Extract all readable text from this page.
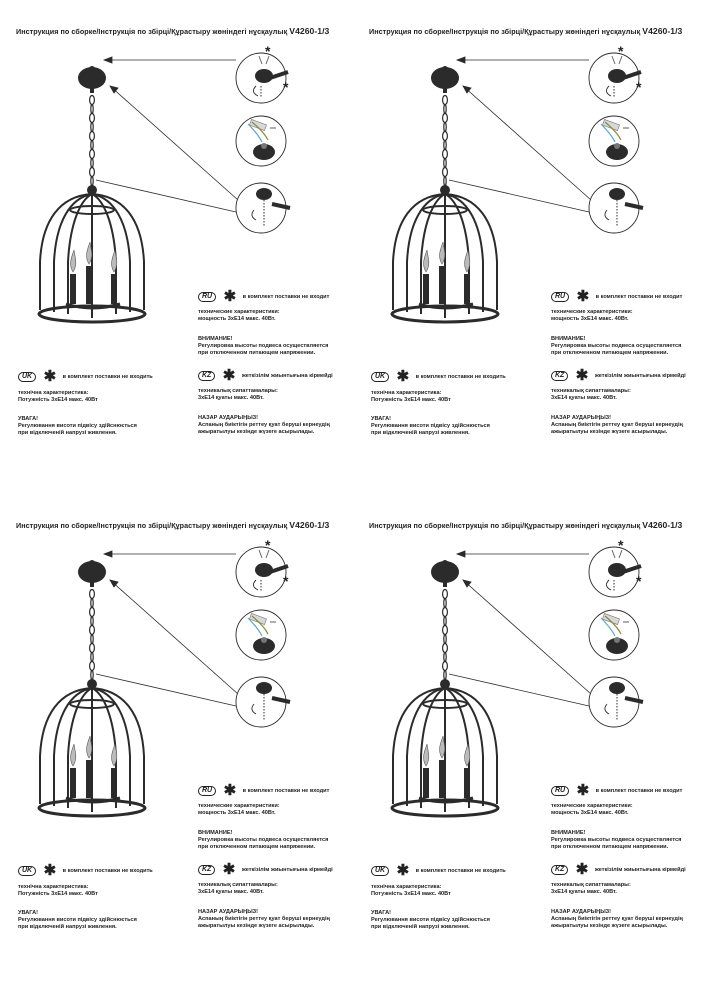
Инструкция по сборке/Інструкція по збірці/Құрастыру жөніндегі нұсқаулық V4260-1/3
*
*
RU ✱ в комплект поставки не входит
технические характеристики:
мощность 3хЕ14 макс. 40Вт.
ВНИМАНИЕ!
Регулировка высоты подвеса осуществляется
при отключенном питающем напряжении.
KZ ✱ жеткізілім жиынтығына кірмейді
техникалық сипаттамалары:
3хЕ14 қуаты макс. 40Вт.
НАЗАР АУДАРЫҢЫЗ!
Аспаның биіктігін реттеу қуат беруші кернеудің
ажыратылуы кезінде жүзеге асырылады.
UK ✱ в комплект поставки не входить
технічна характеристика:
Потужність 3хЕ14 макс. 40Вт
УВАГА!
Регулювання висоти підвісу здійснюється
при відключеній напрузі живлення.
Инструкция по сборке/Інструкція по збірці/Құрастыру жөніндегі нұсқаулық V4260-1/3
*
*
RU ✱ в комплект поставки не входит
технические характеристики:
мощность 3хЕ14 макс. 40Вт.
ВНИМАНИЕ!
Регулировка высоты подвеса осуществляется
при отключенном питающем напряжении.
KZ ✱ жеткізілім жиынтығына кірмейді
техникалық сипаттамалары:
3хЕ14 қуаты макс. 40Вт.
НАЗАР АУДАРЫҢЫЗ!
Аспаның биіктігін реттеу қуат беруші кернеудің
ажыратылуы кезінде жүзеге асырылады.
UK ✱ в комплект поставки не входить
технічна характеристика:
Потужність 3хЕ14 макс. 40Вт
УВАГА!
Регулювання висоти підвісу здійснюється
при відключеній напрузі живлення.
Инструкция по сборке/Інструкція по збірці/Құрастыру жөніндегі нұсқаулық V4260-1/3
*
*
RU ✱ в комплект поставки не входит
технические характеристики:
мощность 3хЕ14 макс. 40Вт.
ВНИМАНИЕ!
Регулировка высоты подвеса осуществляется
при отключенном питающем напряжении.
KZ ✱ жеткізілім жиынтығына кірмейді
техникалық сипаттамалары:
3хЕ14 қуаты макс. 40Вт.
НАЗАР АУДАРЫҢЫЗ!
Аспаның биіктігін реттеу қуат беруші кернеудің
ажыратылуы кезінде жүзеге асырылады.
UK ✱ в комплект поставки не входить
технічна характеристика:
Потужність 3хЕ14 макс. 40Вт
УВАГА!
Регулювання висоти підвісу здійснюється
при відключеній напрузі живлення.
Инструкция по сборке/Інструкція по збірці/Құрастыру жөніндегі нұсқаулық V4260-1/3
*
*
RU ✱ в комплект поставки не входит
технические характеристики:
мощность 3хЕ14 макс. 40Вт.
ВНИМАНИЕ!
Регулировка высоты подвеса осуществляется
при отключенном питающем напряжении.
KZ ✱ жеткізілім жиынтығына кірмейді
техникалық сипаттамалары:
3хЕ14 қуаты макс. 40Вт.
НАЗАР АУДАРЫҢЫЗ!
Аспаның биіктігін реттеу қуат беруші кернеудің
ажыратылуы кезінде жүзеге асырылады.
UK ✱ в комплект поставки не входить
технічна характеристика:
Потужність 3хЕ14 макс. 40Вт
УВАГА!
Регулювання висоти підвісу здійснюється
при відключеній напрузі живлення.
